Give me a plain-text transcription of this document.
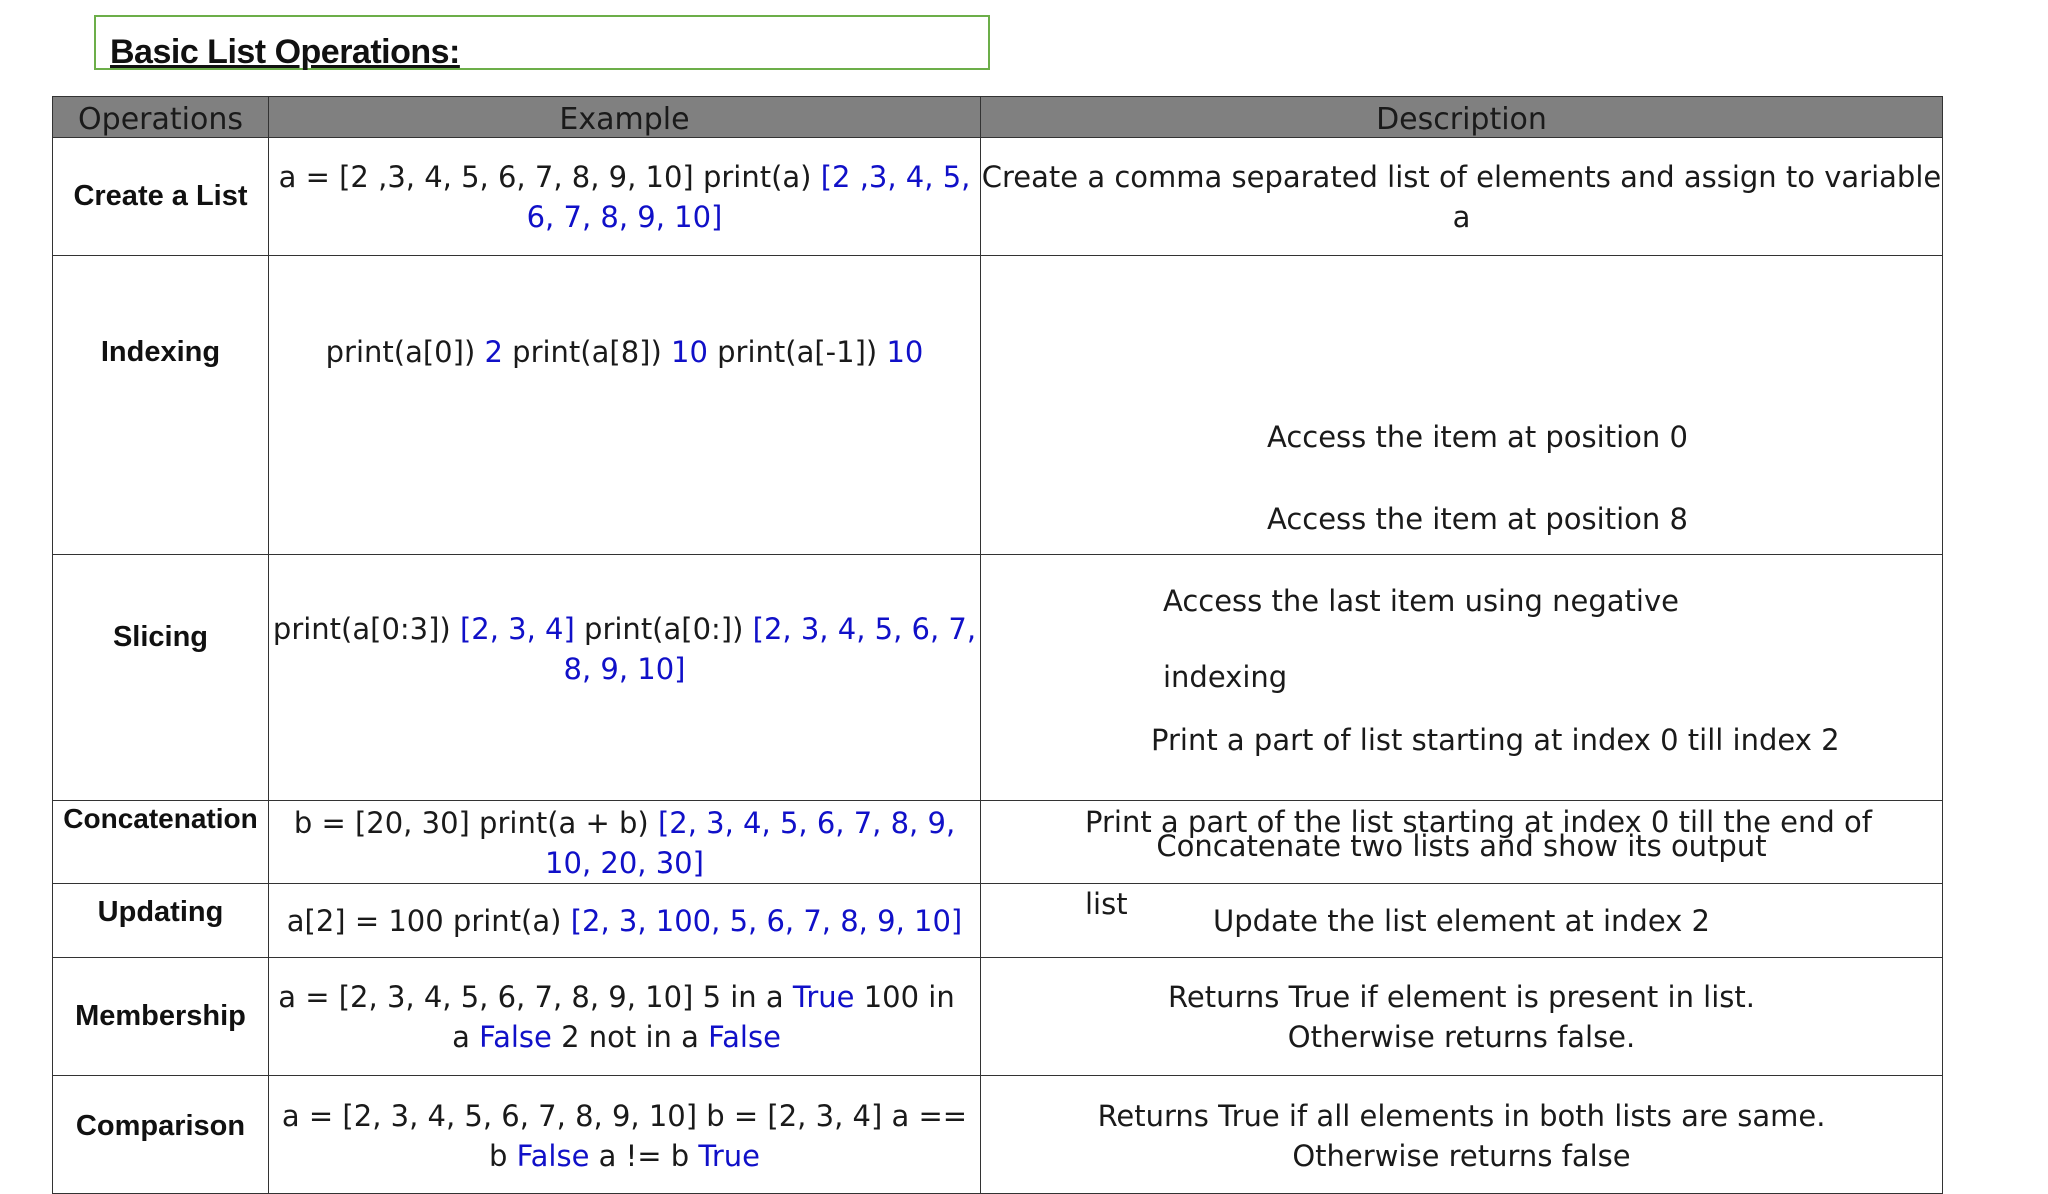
Basic List Operations:
Operations	Example	Description
Create a List	a = [2 ,3, 4, 5, 6, 7, 8, 9, 10] print(a) [2 ,3, 4, 5, 6, 7, 8, 9, 10]	Create a comma separated list of elements and assign to variable a
Indexing	print(a[0]) 2 print(a[8]) 10 print(a[-1]) 10	Access the item at position 0
Access the item at position 8
Access the last item using negative
indexing

Slicing	print(a[0:3]) [2, 3, 4] print(a[0:]) [2, 3, 4, 5, 6, 7, 8, 9, 10]	Print a part of list starting at index 0 till index 2
Print a part of the list starting at index 0 till the end of
list

Concatenation	b = [20, 30] print(a + b) [2, 3, 4, 5, 6, 7, 8, 9, 10, 20, 30]	Concatenate two lists and show its output
Updating	a[2] = 100 print(a) [2, 3, 100, 5, 6, 7, 8, 9, 10]	Update the list element at index 2
Membership	a = [2, 3, 4, 5, 6, 7, 8, 9, 10] 5 in a True 100 in a False 2 not in a False	Returns True if element is present in list.
Otherwise returns false.

Comparison	a = [2, 3, 4, 5, 6, 7, 8, 9, 10] b = [2, 3, 4] a == b False a != b True	Returns True if all elements in both lists are same.
Otherwise returns false
